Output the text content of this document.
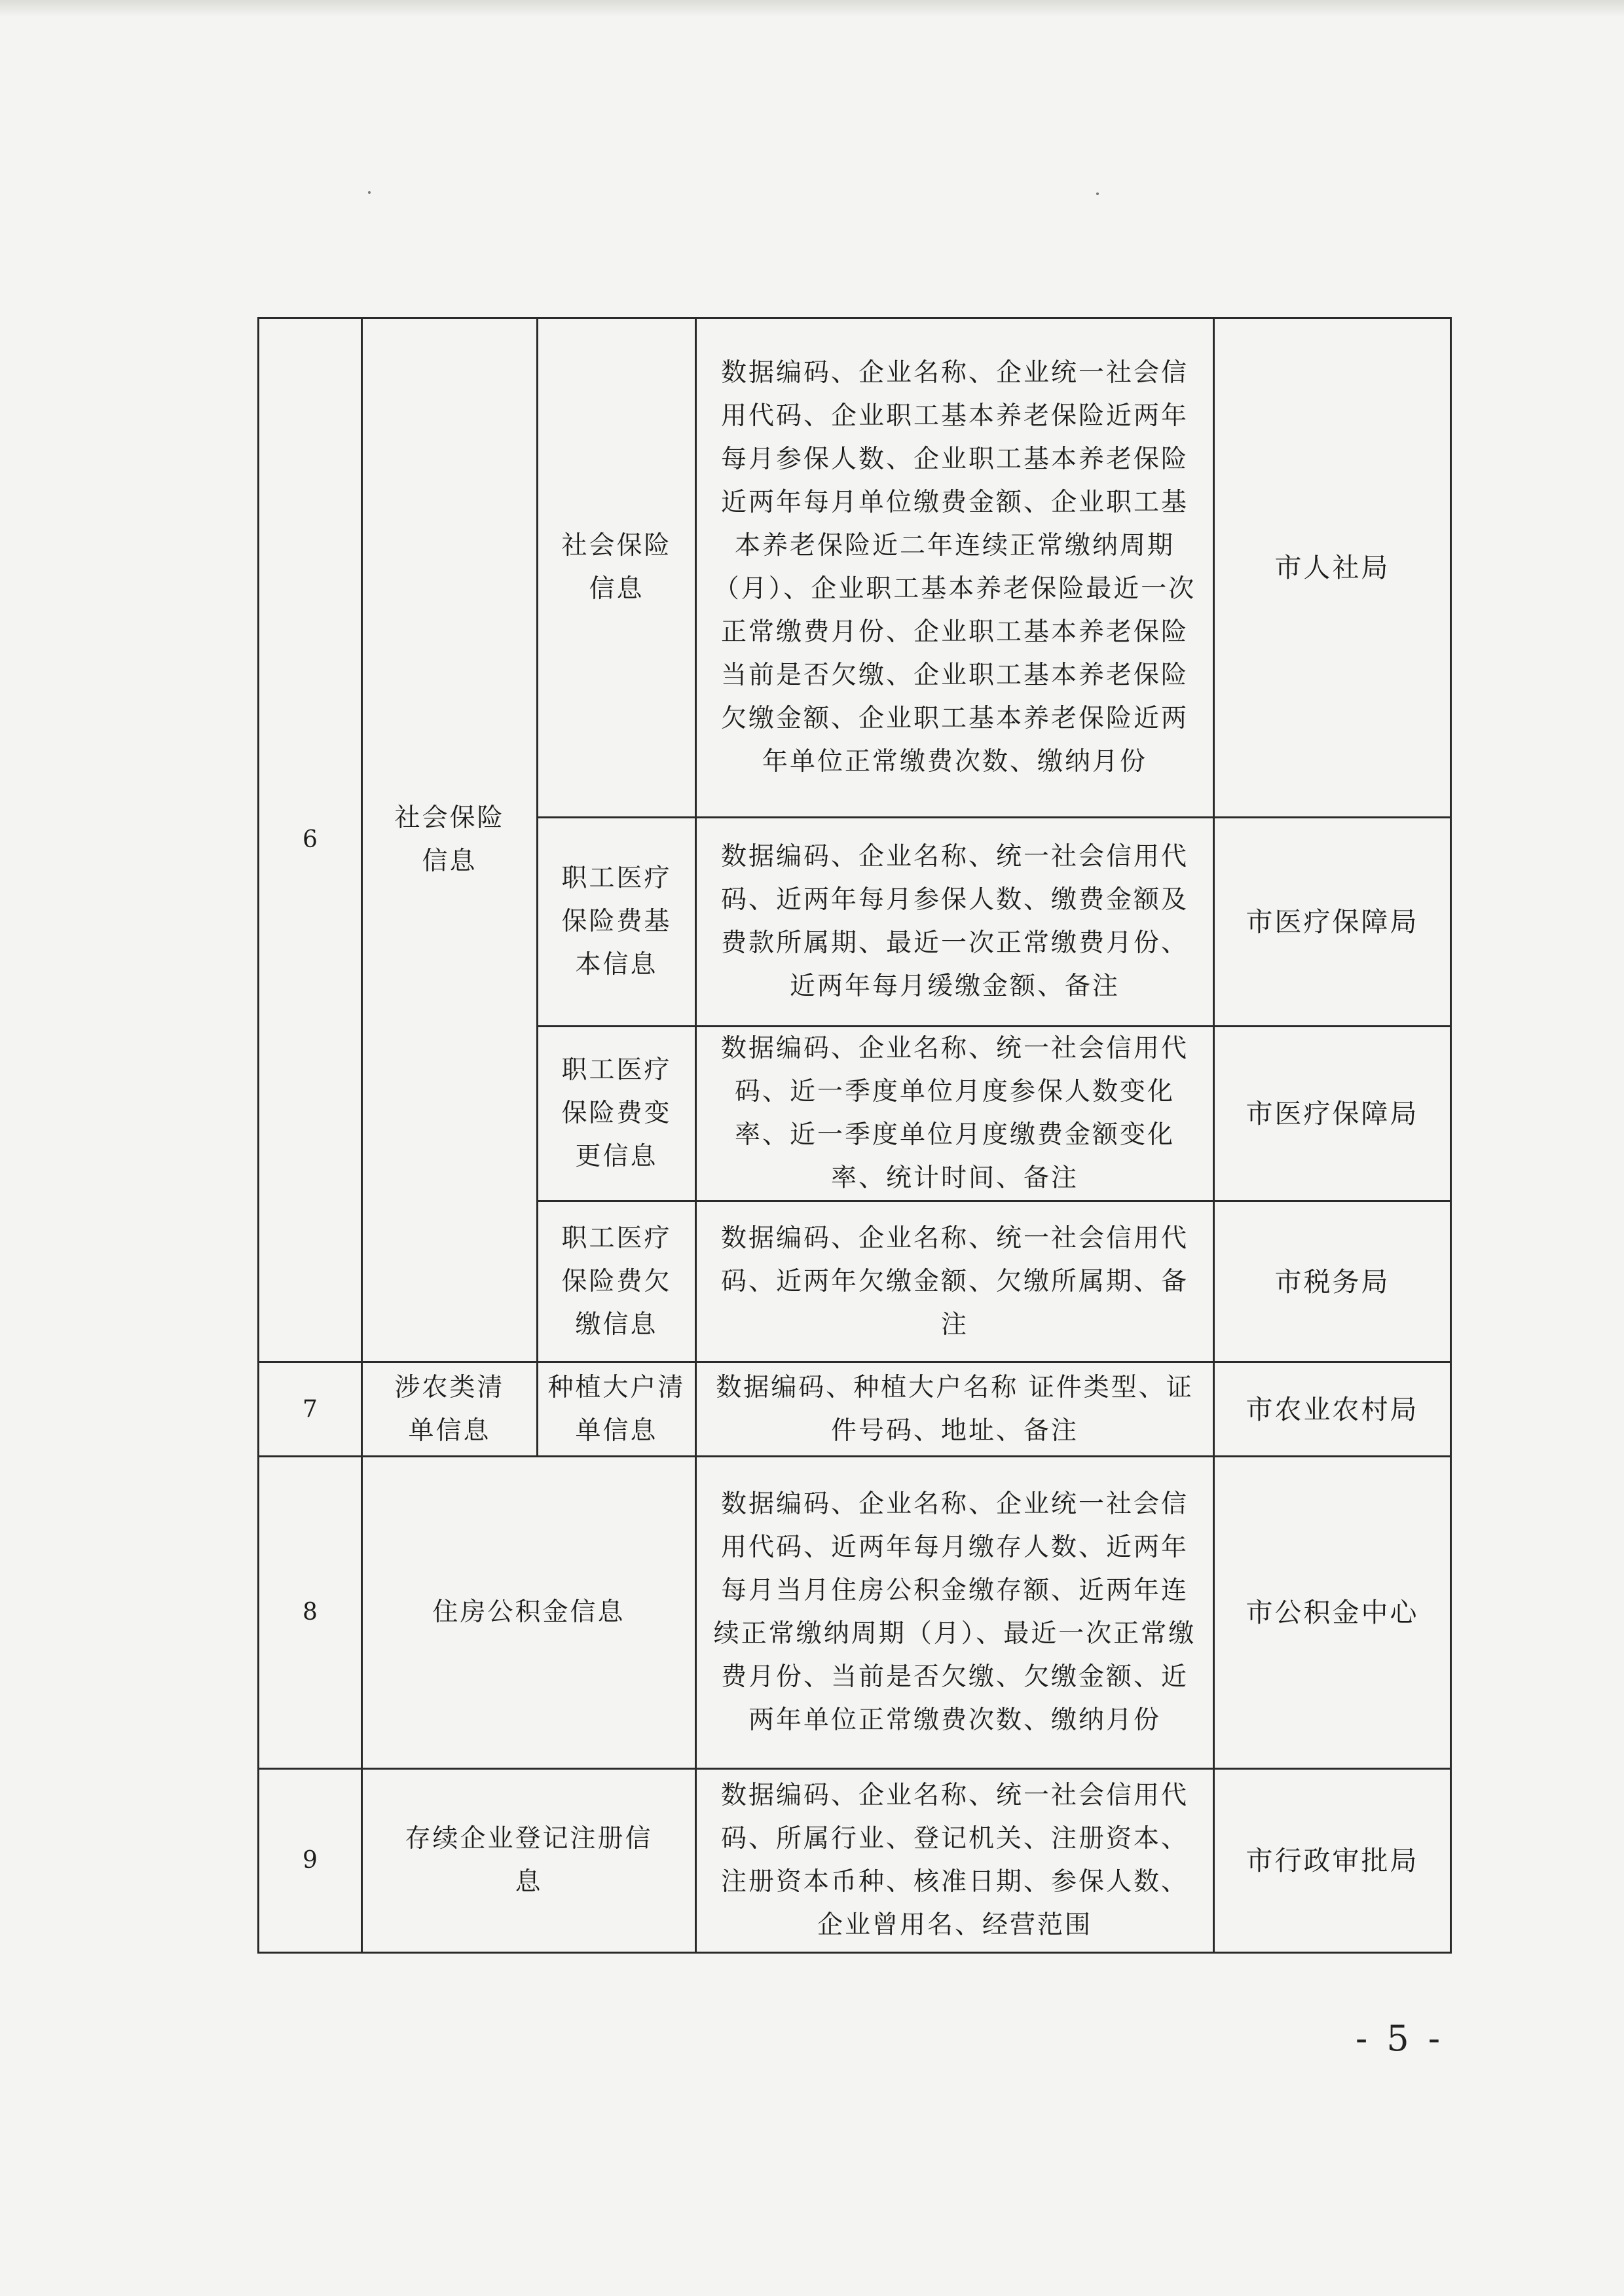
6	社会保险信息	社会保险信息	数据编码、企业名称、企业统一社会信用代码、企业职工基本养老保险近两年每月参保人数、企业职工基本养老保险近两年每月单位缴费金额、企业职工基本养老保险近二年连续正常缴纳周期（月）、企业职工基本养老保险最近一次正常缴费月份、企业职工基本养老保险当前是否欠缴、企业职工基本养老保险欠缴金额、企业职工基本养老保险近两年单位正常缴费次数、缴纳月份	市人社局
		职工医疗保险费基本信息	数据编码、企业名称、统一社会信用代码、近两年每月参保人数、缴费金额及费款所属期、最近一次正常缴费月份、近两年每月缓缴金额、备注	市医疗保障局
		职工医疗保险费变更信息	数据编码、企业名称、统一社会信用代码、近一季度单位月度参保人数变化率、近一季度单位月度缴费金额变化率、统计时间、备注	市医疗保障局
		职工医疗保险费欠缴信息	数据编码、企业名称、统一社会信用代码、近两年欠缴金额、欠缴所属期、备注	市税务局
7	涉农类清单信息	种植大户清单信息	数据编码、种植大户名称 证件类型、证件号码、地址、备注	市农业农村局
8	住房公积金信息		数据编码、企业名称、企业统一社会信用代码、近两年每月缴存人数、近两年每月当月住房公积金缴存额、近两年连续正常缴纳周期（月）、最近一次正常缴费月份、当前是否欠缴、欠缴金额、近两年单位正常缴费次数、缴纳月份	市公积金中心
9	存续企业登记注册信息		数据编码、企业名称、统一社会信用代码、所属行业、登记机关、注册资本、注册资本币种、核准日期、参保人数、企业曾用名、经营范围	市行政审批局
- 5 -
